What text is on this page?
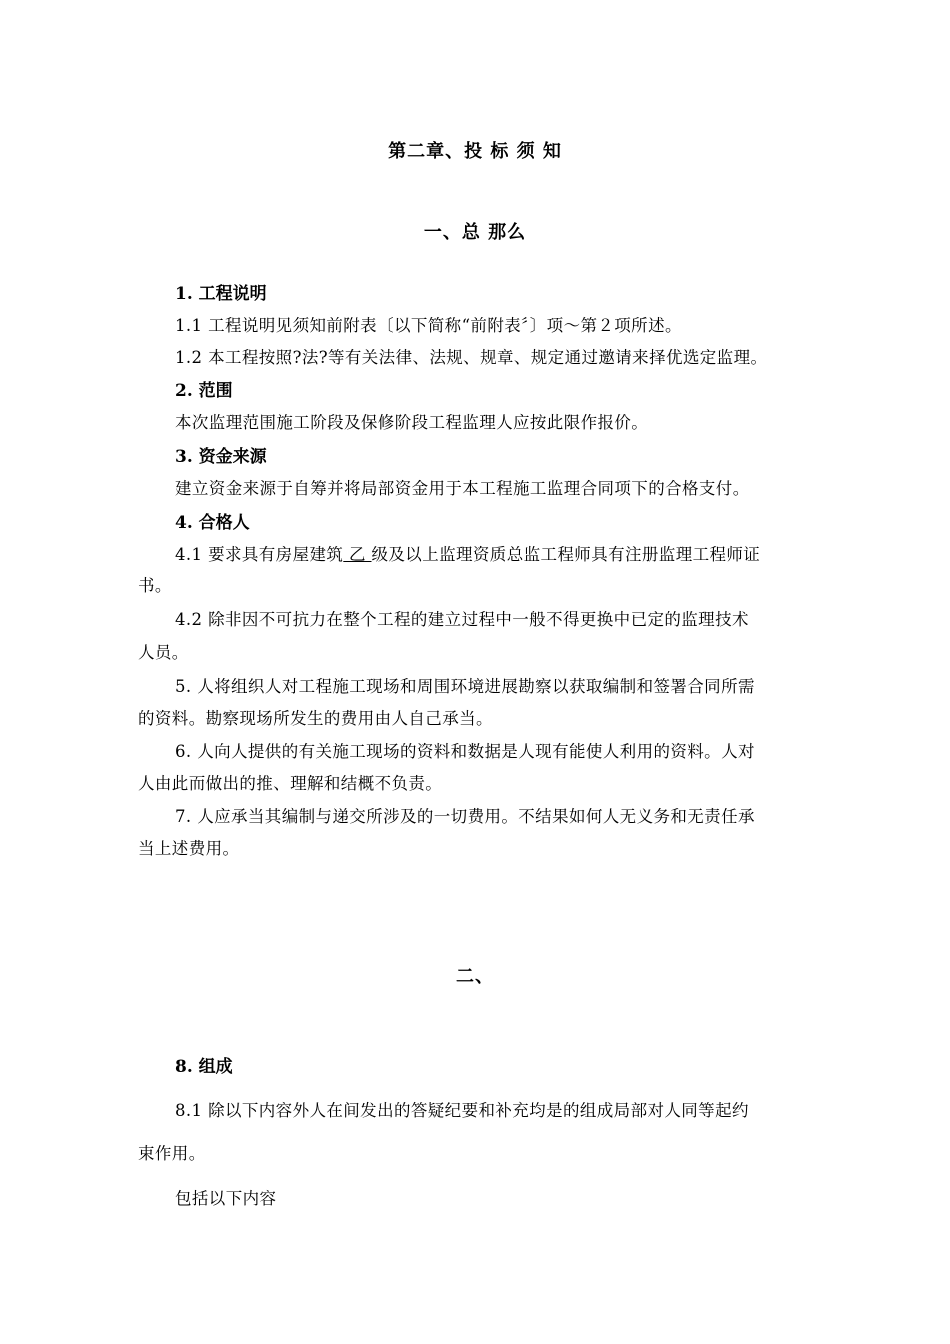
第二章、投 标 须 知
一、总 那么
1. 工程说明
1.1 工程说明见须知前附表〔以下简称“前附表〞〕项～第２项所述。
1.2 本工程按照?法?等有关法律、法规、规章、规定通过邀请来择优选定监理。
2. 范围
本次监理范围施工阶段及保修阶段工程监理人应按此限作报价。
3. 资金来源
建立资金来源于自筹并将局部资金用于本工程施工监理合同项下的合格支付。
4. 合格人
4.1 要求具有房屋建筑 乙 级及以上监理资质总监工程师具有注册监理工程师证
书。
4.2 除非因不可抗力在整个工程的建立过程中一般不得更换中已定的监理技术
人员。
5. 人将组织人对工程施工现场和周围环境进展勘察以获取编制和签署合同所需
的资料。勘察现场所发生的费用由人自己承当。
6. 人向人提供的有关施工现场的资料和数据是人现有能使人利用的资料。人对
人由此而做出的推、理解和结概不负责。
7. 人应承当其编制与递交所涉及的一切费用。不结果如何人无义务和无责任承
当上述费用。
二、
8. 组成
8.1 除以下内容外人在间发出的答疑纪要和补充均是的组成局部对人同等起约
束作用。
包括以下内容
